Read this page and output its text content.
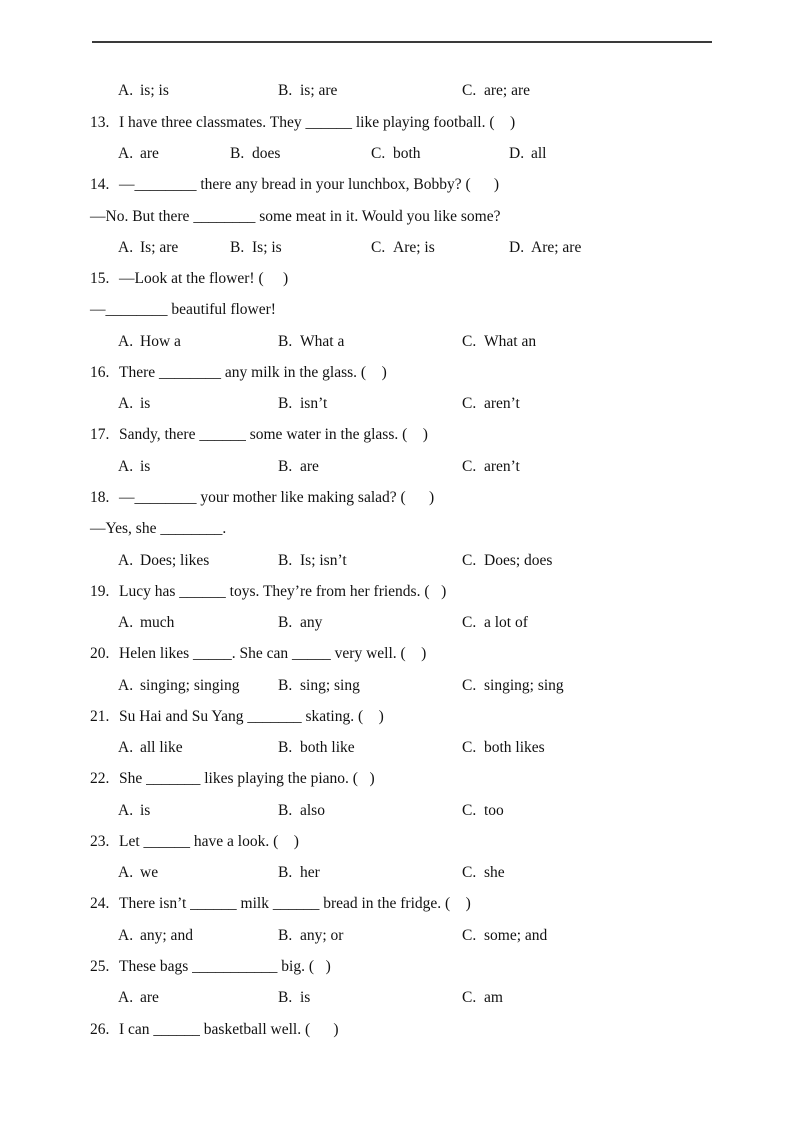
A. is; is	B. is; are	C. are; are
13. I have three classmates. They ______ like playing football. (    )
A. are	B. does	C. both	D. all
14. —________ there any bread in your lunchbox, Bobby? (      )
—No. But there ________ some meat in it. Would you like some?
A. Is; are	B. Is; is	C. Are; is	D. Are; are
15. —Look at the flower! (     )
—________ beautiful flower!
A. How a	B. What a	C. What an
16. There ________ any milk in the glass. (    )
A. is	B. isn’t	C. aren’t
17. Sandy, there ______ some water in the glass. (    )
A. is	B. are	C. aren’t
18. —________ your mother like making salad? (      )
—Yes, she ________.
A. Does; likes	B. Is; isn’t	C. Does; does
19. Lucy has ______ toys. They’re from her friends. (   )
A. much	B. any	C. a lot of
20. Helen likes _____. She can _____ very well. (    )
A. singing; singing B. sing; sing	C. singing; sing
21. Su Hai and Su Yang _______ skating. (    )
A. all like	B. both like	C. both likes
22. She _______ likes playing the piano. (   )
A. is	B. also	C. too
23. Let ______ have a look. (    )
A. we	B. her	C. she
24. There isn’t ______ milk ______ bread in the fridge. (    )
A. any; and	B. any; or	C. some; and
25. These bags ___________ big. (   )
A. are	B. is	C. am
26. I can ______ basketball well. (      )
